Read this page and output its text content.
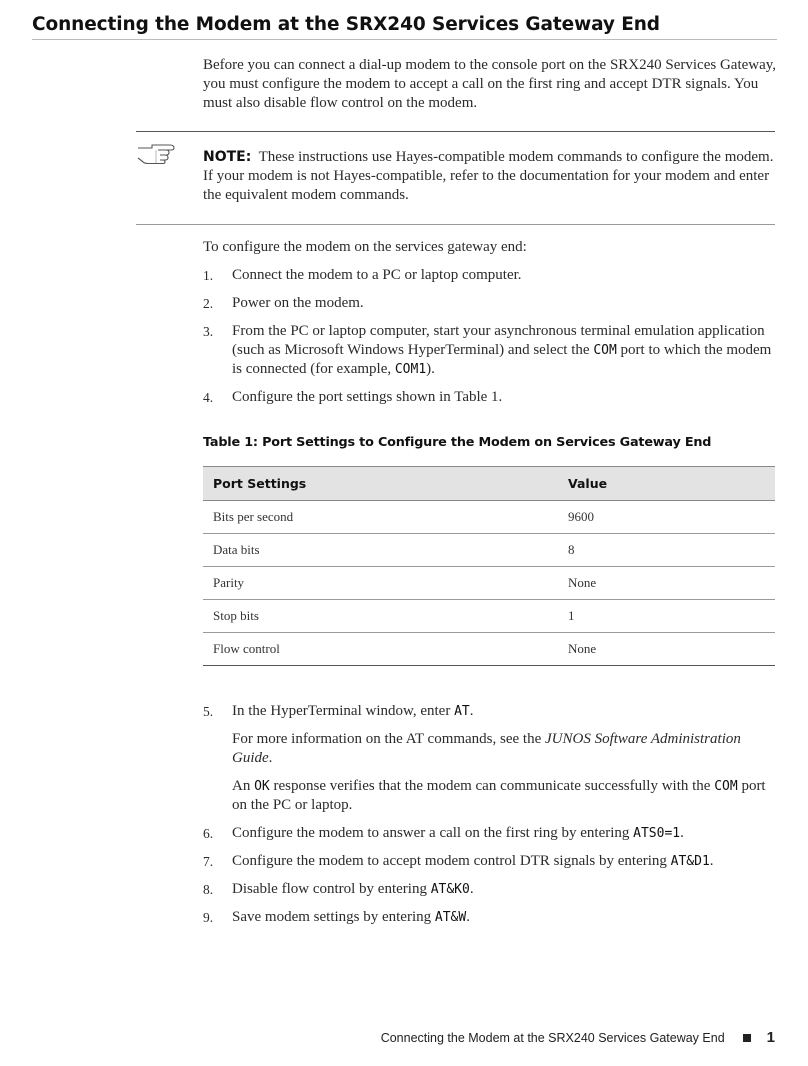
Connecting the Modem at the SRX240 Services Gateway End

Before you can connect a dial-up modem to the console port on the SRX240 Services Gateway, you must configure the modem to accept a call on the first ring and accept DTR signals. You must also disable flow control on the modem.

NOTE: These instructions use Hayes-compatible modem commands to configure the modem. If your modem is not Hayes-compatible, refer to the documentation for your modem and enter the equivalent modem commands.

To configure the modem on the services gateway end:

1. Connect the modem to a PC or laptop computer.
2. Power on the modem.
3. From the PC or laptop computer, start your asynchronous terminal emulation application (such as Microsoft Windows HyperTerminal) and select the COM port to which the modem is connected (for example, COM1).
4. Configure the port settings shown in Table 1.
Table 1: Port Settings to Configure the Modem on Services Gateway End
Port Settings	Value
Bits per second	9600
Data bits	8
Parity	None
Stop bits	1
Flow control	None
5. In the HyperTerminal window, enter AT.

For more information on the AT commands, see the JUNOS Software Administration Guide.

An OK response verifies that the modem can communicate successfully with the COM port on the PC or laptop.

6. Configure the modem to answer a call on the first ring by entering ATS0=1.
7. Configure the modem to accept modem control DTR signals by entering AT&D1.
8. Disable flow control by entering AT&K0.
9. Save modem settings by entering AT&W.
Connecting the Modem at the SRX240 Services Gateway End	1
